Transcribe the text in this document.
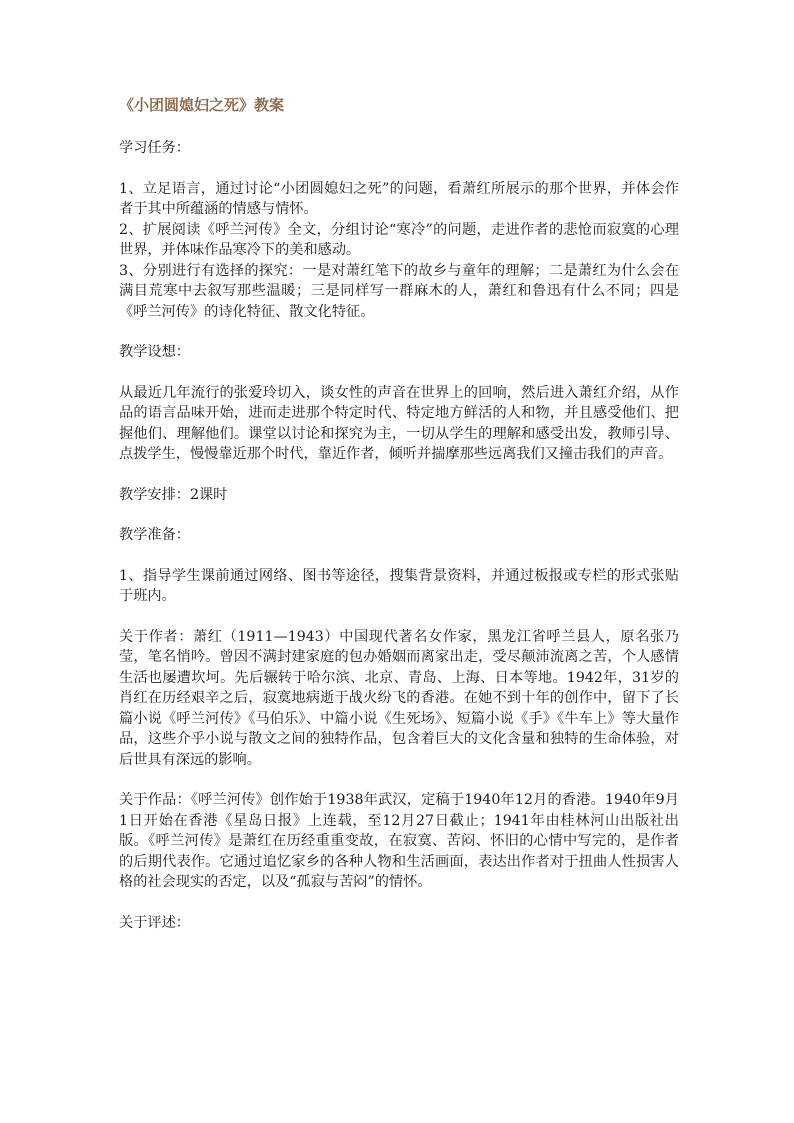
《小团圆媳妇之死》教案
学习任务：

1、立足语言，通过讨论“小团圆媳妇之死”的问题，看萧红所展示的那个世界，并体会作者于其中所蕴涵的情感与情怀。

2、扩展阅读《呼兰河传》全文，分组讨论“寒冷”的问题，走进作者的悲怆而寂寞的心理世界，并体味作品寒冷下的美和感动。

3、分别进行有选择的探究：一是对萧红笔下的故乡与童年的理解；二是萧红为什么会在满目荒寒中去叙写那些温暖；三是同样写一群麻木的人，萧红和鲁迅有什么不同；四是《呼兰河传》的诗化特征、散文化特征。

教学设想：

从最近几年流行的张爱玲切入，谈女性的声音在世界上的回响，然后进入萧红介绍，从作品的语言品味开始，进而走进那个特定时代、特定地方鲜活的人和物，并且感受他们、把握他们、理解他们。课堂以讨论和探究为主，一切从学生的理解和感受出发，教师引导、点拨学生，慢慢靠近那个时代，靠近作者，倾听并揣摩那些远离我们又撞击我们的声音。

教学安排：2课时
教学准备：

1、指导学生课前通过网络、图书等途径，搜集背景资料，并通过板报或专栏的形式张贴于班内。

关于作者：萧红（1911—1943）中国现代著名女作家，黑龙江省呼兰县人，原名张乃莹，笔名悄吟。曾因不满封建家庭的包办婚姻而离家出走，受尽颠沛流离之苦，个人感情生活也屡遭坎坷。先后辗转于哈尔滨、北京、青岛、上海、日本等地。1942年，31岁的肖红在历经艰辛之后，寂寞地病逝于战火纷飞的香港。在她不到十年的创作中，留下了长篇小说《呼兰河传》《马伯乐》、中篇小说《生死场》、短篇小说《手》《牛车上》等大量作品，这些介乎小说与散文之间的独特作品，包含着巨大的文化含量和独特的生命体验，对后世具有深远的影响。

关于作品：《呼兰河传》创作始于1938年武汉，定稿于1940年12月的香港。1940年9月1日开始在香港《星岛日报》上连载，至12月27日截止；1941年由桂林河山出版社出版。《呼兰河传》是萧红在历经重重变故，在寂寞、苦闷、怀旧的心情中写完的，是作者的后期代表作。它通过追忆家乡的各种人物和生活画面，表达出作者对于扭曲人性损害人格的社会现实的否定，以及“孤寂与苦闷”的情怀。

关于评述：
